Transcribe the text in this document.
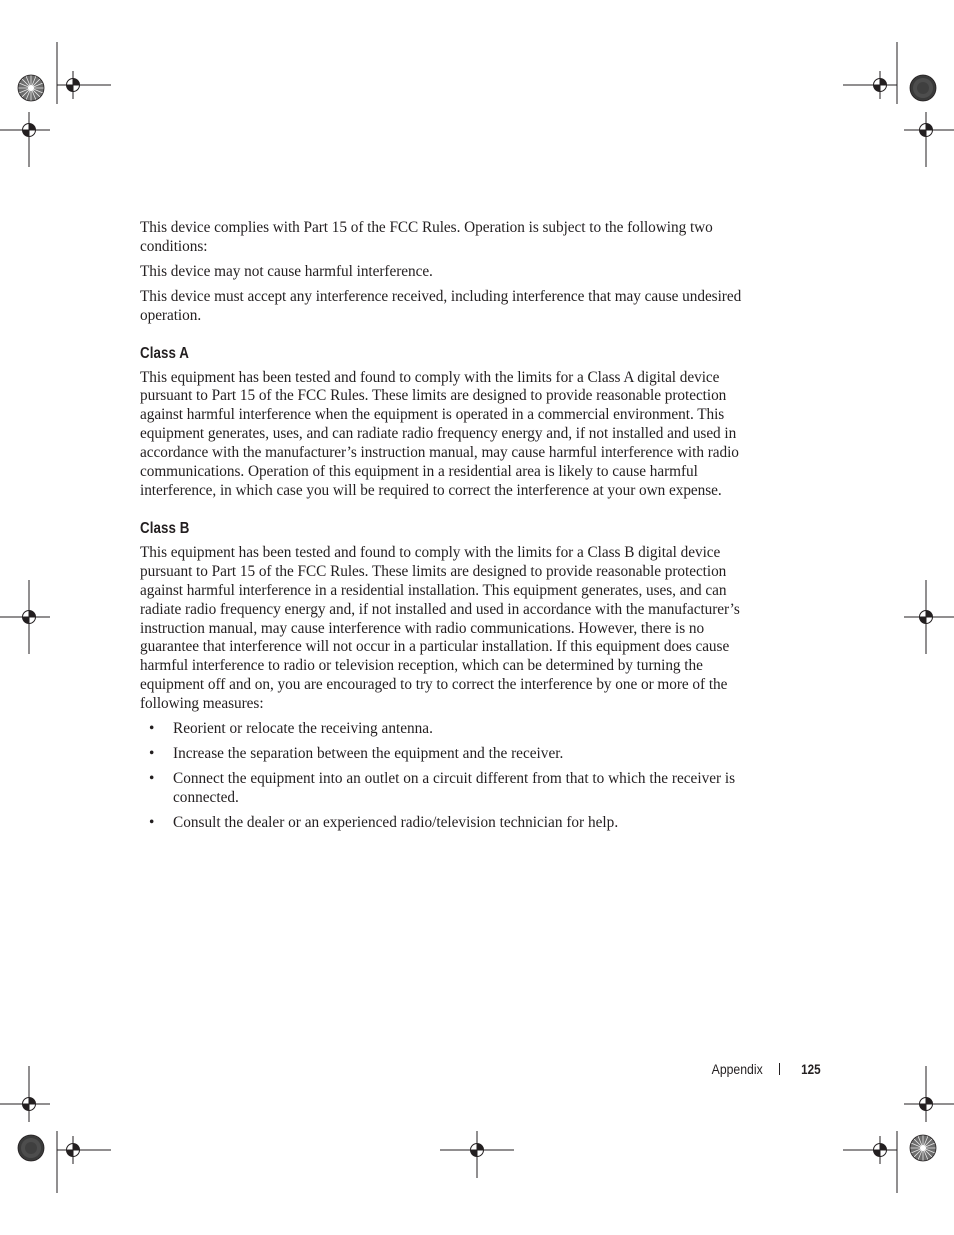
This device complies with Part 15 of the FCC Rules. Operation is subject to the following two conditions:

This device may not cause harmful interference.

This device must accept any interference received, including interference that may cause undesired operation.

Class A

This equipment has been tested and found to comply with the limits for a Class A digital device pursuant to Part 15 of the FCC Rules. These limits are designed to provide reasonable protection against harmful interference when the equipment is operated in a commercial environment. This equipment generates, uses, and can radiate radio frequency energy and, if not installed and used in accordance with the manufacturer’s instruction manual, may cause harmful interference with radio communications. Operation of this equipment in a residential area is likely to cause harmful interference, in which case you will be required to correct the interference at your own expense.

Class B

This equipment has been tested and found to comply with the limits for a Class B digital device pursuant to Part 15 of the FCC Rules. These limits are designed to provide reasonable protection against harmful interference in a residential installation. This equipment generates, uses, and can radiate radio frequency energy and, if not installed and used in accordance with the manufacturer’s instruction manual, may cause interference with radio communications. However, there is no guarantee that interference will not occur in a particular installation. If this equipment does cause harmful interference to radio or television reception, which can be determined by turning the equipment off and on, you are encouraged to try to correct the interference by one or more of the following measures:

• Reorient or relocate the receiving antenna.
• Increase the separation between the equipment and the receiver.
• Connect the equipment into an outlet on a circuit different from that to which the receiver is connected.
• Consult the dealer or an experienced radio/television technician for help.
Appendix	125
